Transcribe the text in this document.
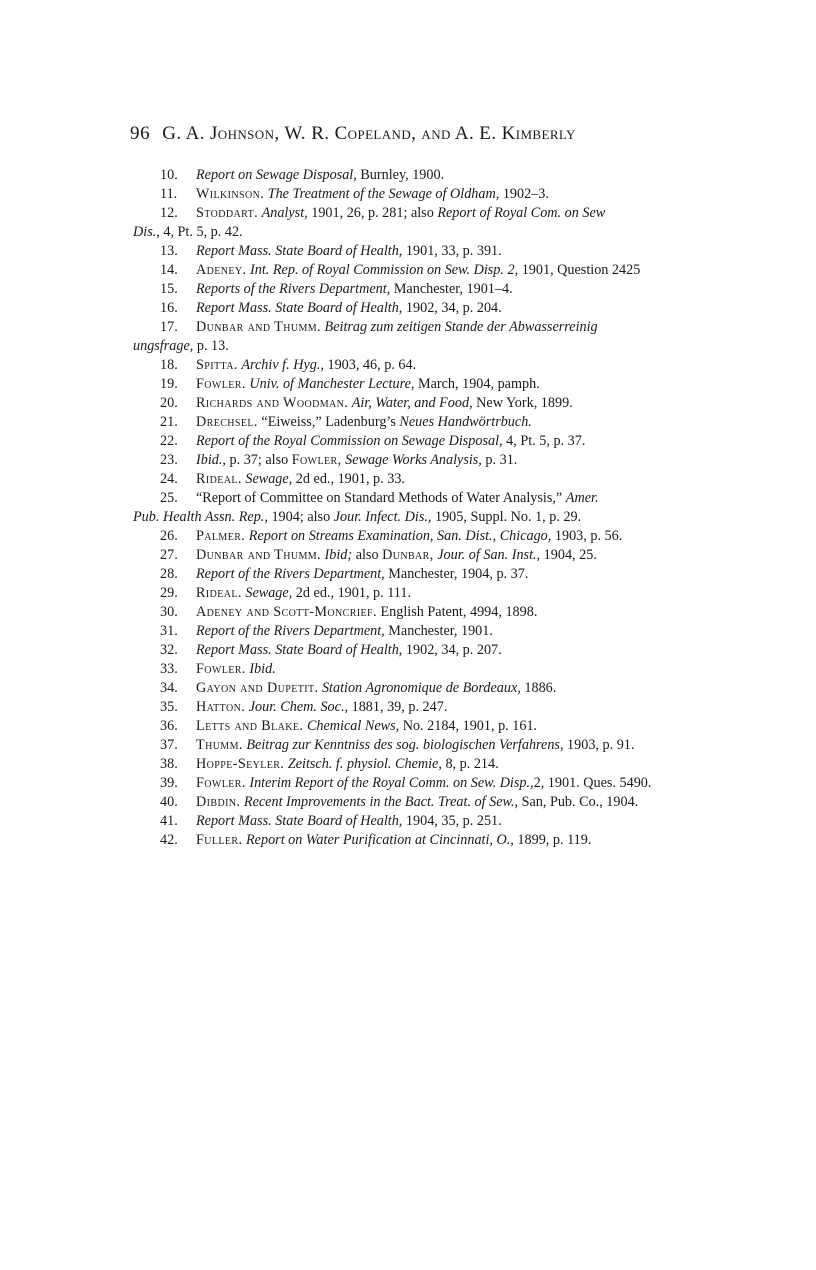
96 G. A. Johnson, W. R. Copeland, and A. E. Kimberly
10.	Report on Sewage Disposal, Burnley, 1900.
11.	Wilkinson. The Treatment of the Sewage of Oldham, 1902–3.
12.	Stoddart. Analyst, 1901, 26, p. 281; also Report of Royal Com. on Sew
Dis., 4, Pt. 5, p. 42.
13.	Report Mass. State Board of Health, 1901, 33, p. 391.
14.	Adeney. Int. Rep. of Royal Commission on Sew. Disp. 2, 1901, Question 2425
15.	Reports of the Rivers Department, Manchester, 1901–4.
16.	Report Mass. State Board of Health, 1902, 34, p. 204.
17.	Dunbar and Thumm. Beitrag zum zeitigen Stande der Abwasserreinig
ungsfrage, p. 13.
18.	Spitta. Archiv f. Hyg., 1903, 46, p. 64.
19.	Fowler. Univ. of Manchester Lecture, March, 1904, pamph.
20.	Richards and Woodman. Air, Water, and Food, New York, 1899.
21.	Drechsel. “Eiweiss,” Ladenburg’s Neues Handwörtrbuch.
22.	Report of the Royal Commission on Sewage Disposal, 4, Pt. 5, p. 37.
23.	Ibid., p. 37; also Fowler, Sewage Works Analysis, p. 31.
24.	Rideal. Sewage, 2d ed., 1901, p. 33.
25.	“Report of Committee on Standard Methods of Water Analysis,” Amer.
Pub. Health Assn. Rep., 1904; also Jour. Infect. Dis., 1905, Suppl. No. 1, p. 29.
26.	Palmer. Report on Streams Examination, San. Dist., Chicago, 1903, p. 56.
27.	Dunbar and Thumm. Ibid; also Dunbar, Jour. of San. Inst., 1904, 25.
28.	Report of the Rivers Department, Manchester, 1904, p. 37.
29.	Rideal. Sewage, 2d ed., 1901, p. 111.
30.	Adeney and Scott-Moncrief. English Patent, 4994, 1898.
31.	Report of the Rivers Department, Manchester, 1901.
32.	Report Mass. State Board of Health, 1902, 34, p. 207.
33.	Fowler. Ibid.
34.	Gayon and Dupetit. Station Agronomique de Bordeaux, 1886.
35.	Hatton. Jour. Chem. Soc., 1881, 39, p. 247.
36.	Letts and Blake. Chemical News, No. 2184, 1901, p. 161.
37.	Thumm. Beitrag zur Kenntniss des sog. biologischen Verfahrens, 1903, p. 91.
38.	Hoppe-Seyler. Zeitsch. f. physiol. Chemie, 8, p. 214.
39.	Fowler. Interim Report of the Royal Comm. on Sew. Disp.,2, 1901. Ques. 5490.
40.	Dibdin. Recent Improvements in the Bact. Treat. of Sew., San, Pub. Co., 1904.
41.	Report Mass. State Board of Health, 1904, 35, p. 251.
42.	Fuller. Report on Water Purification at Cincinnati, O., 1899, p. 119.
